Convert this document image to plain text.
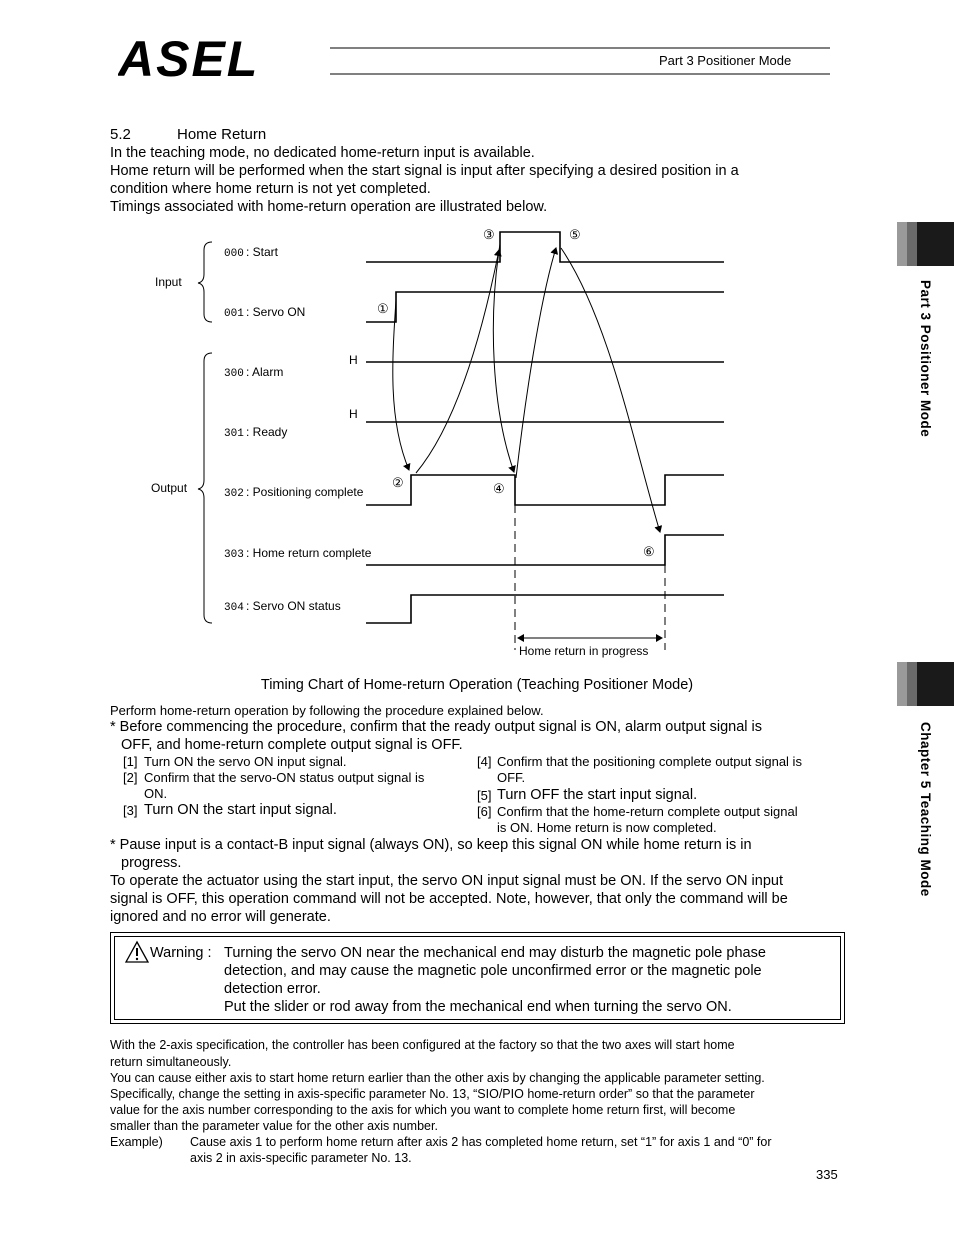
ASEL	Part 3 Positioner Mode
5.2	Home Return
In the teaching mode, no dedicated home-return input is available.
Home return will be performed when the start signal is input after specifying a desired position in a
condition where home return is not yet completed.
Timings associated with home-return operation are illustrated below.
Input
Output
000 : Start
001 : Servo ON
300 : Alarm
301 : Ready
302 : Positioning complete
303 : Home return complete
304 : Servo ON status
H
H
①
②
③
④
⑤
⑥
Home return in progress
Timing Chart of Home-return Operation (Teaching Positioner Mode)
Perform home-return operation by following the procedure explained below.
* Before commencing the procedure, confirm that the ready output signal is ON, alarm output signal is
OFF, and home-return complete output signal is OFF.
[1] Turn ON the servo ON input signal.
[2] Confirm that the servo-ON status output signal is
ON.
[3] Turn ON the start input signal.
[4] Confirm that the positioning complete output signal is
OFF.
[5] Turn OFF the start input signal.
[6] Confirm that the home-return complete output signal
is ON. Home return is now completed.
* Pause input is a contact-B input signal (always ON), so keep this signal ON while home return is in
progress.
To operate the actuator using the start input, the servo ON input signal must be ON. If the servo ON input
signal is OFF, this operation command will not be accepted. Note, however, that only the command will be
ignored and no error will generate.
Warning : Turning the servo ON near the mechanical end may disturb the magnetic pole phase
detection, and may cause the magnetic pole unconfirmed error or the magnetic pole
detection error.
Put the slider or rod away from the mechanical end when turning the servo ON.
With the 2-axis specification, the controller has been configured at the factory so that the two axes will start home
return simultaneously.
You can cause either axis to start home return earlier than the other axis by changing the applicable parameter setting.
Specifically, change the setting in axis-specific parameter No. 13, “SIO/PIO home-return order” so that the parameter
value for the axis number corresponding to the axis for which you want to complete home return first, will become
smaller than the parameter value for the other axis number.
Example) Cause axis 1 to perform home return after axis 2 has completed home return, set “1” for axis 1 and “0” for
axis 2 in axis-specific parameter No. 13.
335
Part 3 Positioner Mode
Chapter 5 Teaching Mode
